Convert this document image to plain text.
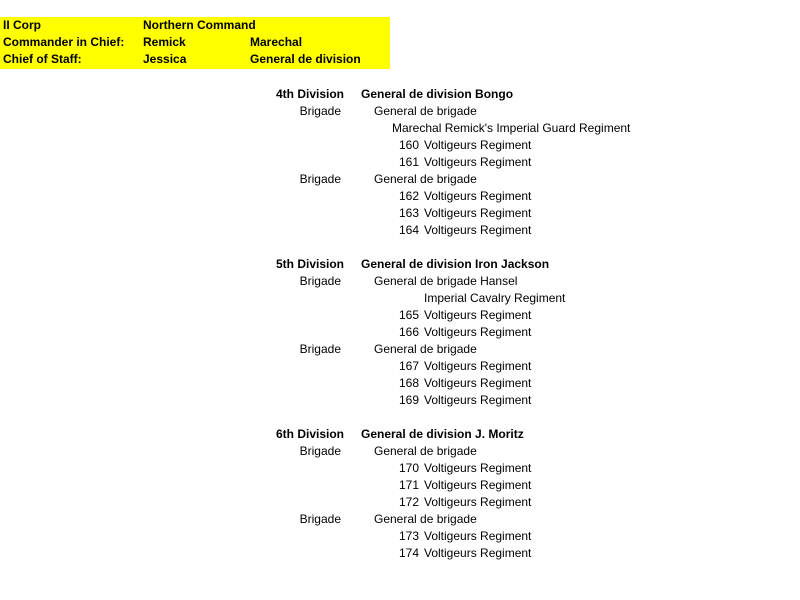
II Corp	Northern Command
Commander in Chief: Remick	Marechal
Chief of Staff:	Jessica	General de division
4th Division General de division Bongo
Brigade	General de brigade
Marechal Remick's Imperial Guard Regiment
160 Voltigeurs Regiment
161 Voltigeurs Regiment
Brigade	General de brigade
162 Voltigeurs Regiment
163 Voltigeurs Regiment
164 Voltigeurs Regiment
5th Division General de division Iron Jackson
Brigade	General de brigade Hansel
Imperial Cavalry Regiment
165 Voltigeurs Regiment
166 Voltigeurs Regiment
Brigade	General de brigade
167 Voltigeurs Regiment
168 Voltigeurs Regiment
169 Voltigeurs Regiment
6th Division General de division J. Moritz
Brigade	General de brigade
170 Voltigeurs Regiment
171 Voltigeurs Regiment
172 Voltigeurs Regiment
Brigade	General de brigade
173 Voltigeurs Regiment
174 Voltigeurs Regiment
